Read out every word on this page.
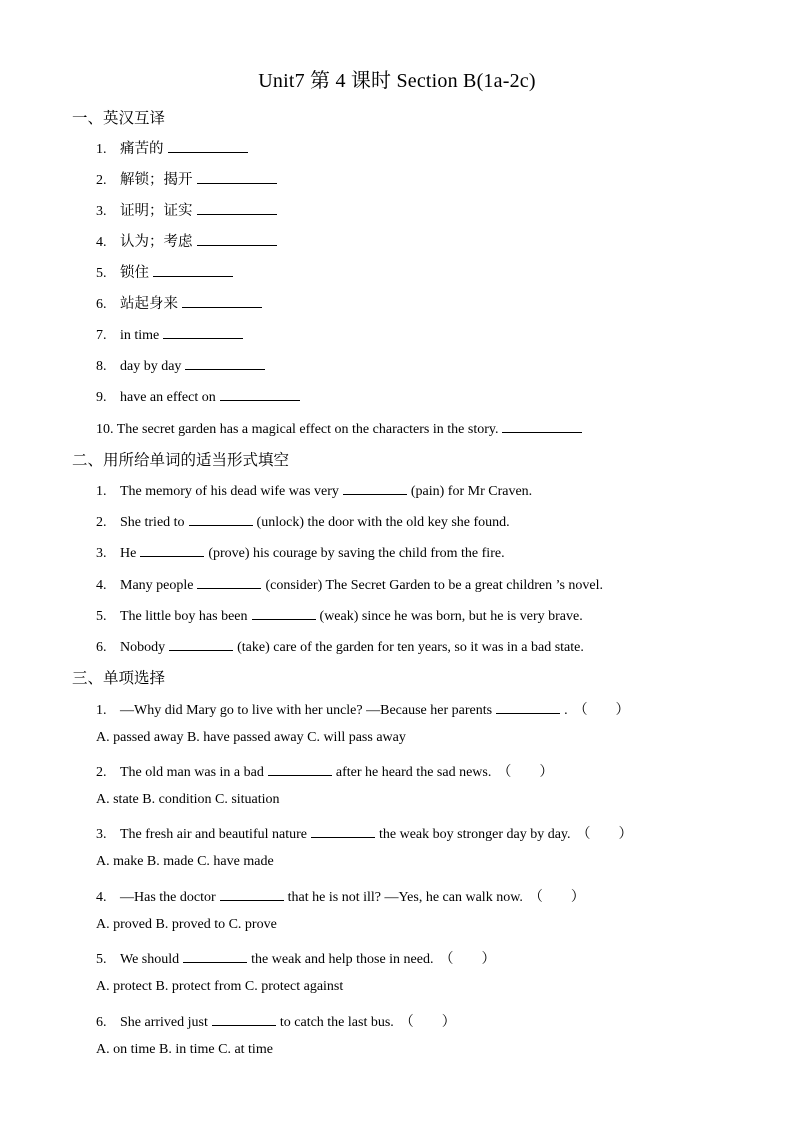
Unit7 第 4 课时 Section B(1a-2c)
一、英汉互译
1. 痛苦的
2. 解锁；揭开
3. 证明；证实
4. 认为；考虑
5. 锁住
6. 站起身来
7. in time
8. day by day
9. have an effect on
10. The secret garden has a magical effect on the characters in the story.
二、用所给单词的适当形式填空
1. The memory of his dead wife was very	(pain) for Mr Craven.
2. She tried to	(unlock) the door with the old key she found.
3. He	(prove) his courage by saving the child from the fire.
4. Many people	(consider) The Secret Garden to be a great children ’s novel.
5. The little boy has been	(weak) since he was born, but he is very brave.
6. Nobody	(take) care of the garden for ten years, so it was in a bad state.
三、单项选择
1. —Why did Mary go to live with her uncle? —Because her parents	. （　　）
A. passed away B. have passed away C. will pass away
2. The old man was in a bad	after he heard the sad news. （　　）
A. state B. condition C. situation
3. The fresh air and beautiful nature	the weak boy stronger day by day. （　　）
A. make B. made C. have made
4. —Has the doctor	that he is not ill? —Yes, he can walk now. （　　）
A. proved B. proved to C. prove
5. We should	the weak and help those in need. （　　）
A. protect B. protect from C. protect against
6. She arrived just	to catch the last bus. （　　）
A. on time B. in time C. at time
